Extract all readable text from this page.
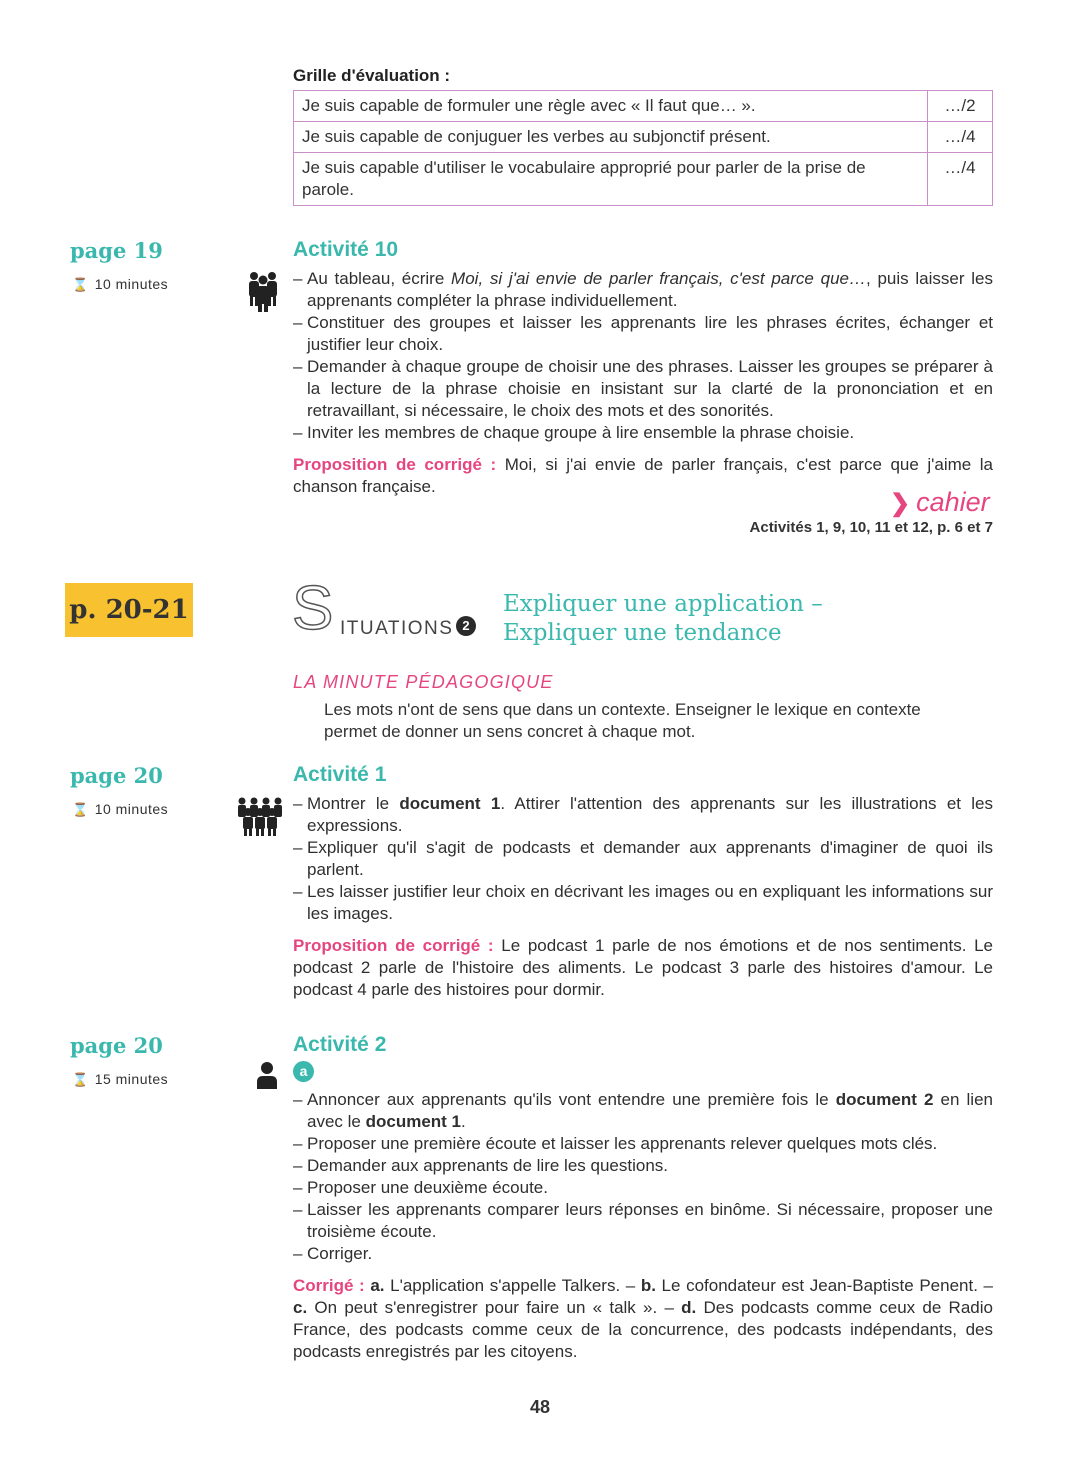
Grille d'évaluation :
Je suis capable de formuler une règle avec « Il faut que… ».	…/2
Je suis capable de conjuguer les verbes au subjonctif présent.	…/4
Je suis capable d'utiliser le vocabulaire approprié pour parler de la prise de parole.	…/4
page 19
⌛ 10 minutes
Activité 10
– Au tableau, écrire Moi, si j'ai envie de parler français, c'est parce que…, puis laisser les apprenants compléter la phrase individuellement.
– Constituer des groupes et laisser les apprenants lire les phrases écrites, échanger et justifier leur choix.
– Demander à chaque groupe de choisir une des phrases. Laisser les groupes se préparer à la lecture de la phrase choisie en insistant sur la clarté de la prononciation et en retravaillant, si nécessaire, le choix des mots et des sonorités.
– Inviter les membres de chaque groupe à lire ensemble la phrase choisie.
Proposition de corrigé : Moi, si j'ai envie de parler français, c'est parce que j'aime la chanson française.
❯ cahier
Activités 1, 9, 10, 11 et 12, p. 6 et 7
p. 20-21 S ITUATIONS 2
Expliquer une application –
Expliquer une tendance
LA MINUTE PÉDAGOGIQUE
Les mots n'ont de sens que dans un contexte. Enseigner le lexique en contexte permet de donner un sens concret à chaque mot.
page 20
⌛ 10 minutes
Activité 1
– Montrer le document 1. Attirer l'attention des apprenants sur les illustrations et les expressions.
– Expliquer qu'il s'agit de podcasts et demander aux apprenants d'imaginer de quoi ils parlent.
– Les laisser justifier leur choix en décrivant les images ou en expliquant les informations sur les images.
Proposition de corrigé : Le podcast 1 parle de nos émotions et de nos sentiments. Le podcast 2 parle de l'histoire des aliments. Le podcast 3 parle des histoires d'amour. Le podcast 4 parle des histoires pour dormir.
page 20
⌛ 15 minutes
Activité 2
a
– Annoncer aux apprenants qu'ils vont entendre une première fois le document 2 en lien avec le document 1.
– Proposer une première écoute et laisser les apprenants relever quelques mots clés.
– Demander aux apprenants de lire les questions.
– Proposer une deuxième écoute.
– Laisser les apprenants comparer leurs réponses en binôme. Si nécessaire, proposer une troisième écoute.
– Corriger.
Corrigé : a. L'application s'appelle Talkers. – b. Le cofondateur est Jean-Baptiste Penent. – c. On peut s'enregistrer pour faire un « talk ». – d. Des podcasts comme ceux de Radio France, des podcasts comme ceux de la concurrence, des podcasts indépendants, des podcasts enregistrés par les citoyens.
48
